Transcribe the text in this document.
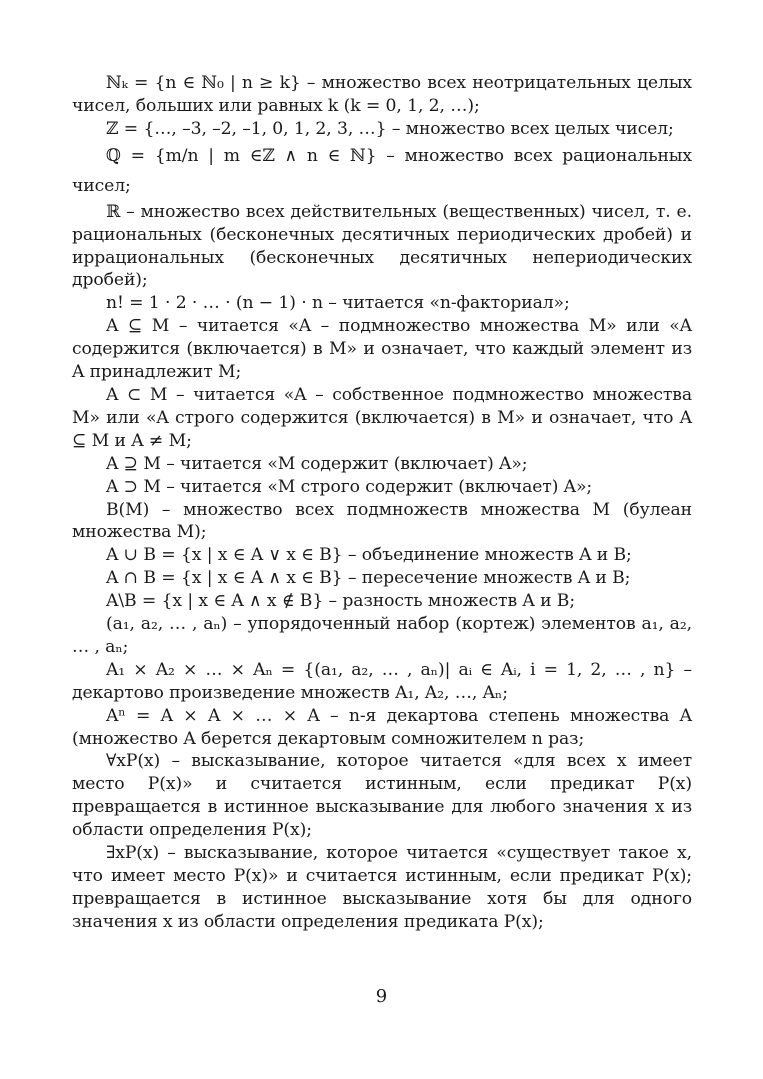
ℕₖ = {n ∈ ℕ₀ | n ≥ k} – множество всех неотрицательных целых чисел, больших или равных k (k = 0, 1, 2, …);

ℤ = {…, –3, –2, –1, 0, 1, 2, 3, …} – множество всех целых чисел;

ℚ = {m/n | m ∈ℤ ∧ n ∈ ℕ} – множество всех рациональных чисел;

ℝ – множество всех действительных (вещественных) чисел, т. е. рациональных (бесконечных десятичных периодических дробей) и иррациональных (бесконечных десятичных непериодических дробей);

n! = 1 · 2 · … · (n − 1) · n – читается «n-факториал»;

A ⊆ M – читается «A – подмножество множества M» или «A содержится (включается) в M» и означает, что каждый элемент из A принадлежит M;

A ⊂ M – читается «A – собственное подмножество множества M» или «A строго содержится (включается) в M» и означает, что A ⊆ M и A ≠ M;

A ⊇ M – читается «M содержит (включает) A»;

A ⊃ M – читается «M строго содержит (включает) A»;

B(M) – множество всех подмножеств множества M (булеан множества M);

A ∪ B = {x | x ∈ A ∨ x ∈ B} – объединение множеств A и B;

A ∩ B = {x | x ∈ A ∧ x ∈ B} – пересечение множеств A и B;

A\B = {x | x ∈ A ∧ x ∉ B} – разность множеств A и B;

(a₁, a₂, … , aₙ) – упорядоченный набор (кортеж) элементов a₁, a₂, … , aₙ;

A₁ × A₂ × … × Aₙ = {(a₁, a₂, … , aₙ)| aᵢ ∈ Aᵢ, i = 1, 2, … , n} – декартово произведение множеств A₁, A₂, …, Aₙ;

Aⁿ = A × A × … × A – n-я декартова степень множества A (множество A берется декартовым сомножителем n раз;

∀xP(x) – высказывание, которое читается «для всех x имеет место P(x)» и считается истинным, если предикат P(x) превращается в истинное высказывание для любого значения x из области определения P(x);

∃xP(x) – высказывание, которое читается «существует такое x, что имеет место P(x)» и считается истинным, если предикат P(x); превращается в истинное высказывание хотя бы для одного значения x из области определения предиката P(x);

9
